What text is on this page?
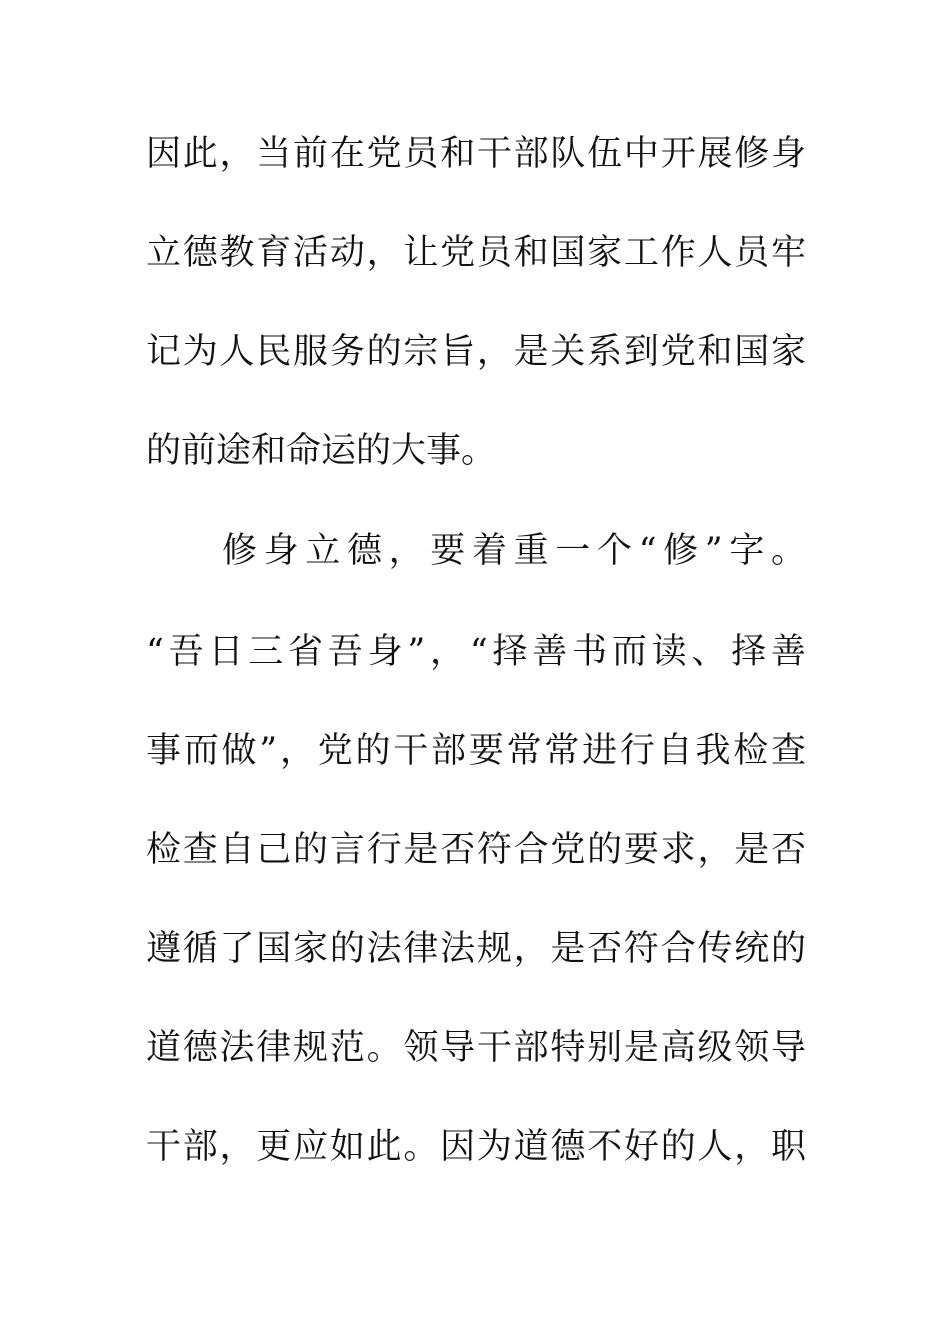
因此，当前在党员和干部队伍中开展修身
立德教育活动，让党员和国家工作人员牢
记为人民服务的宗旨，是关系到党和国家
的前途和命运的大事。
修身立德，要着重一个“修”字。
“吾日三省吾身”，“择善书而读、择善
事而做”，党的干部要常常进行自我检查
检查自己的言行是否符合党的要求，是否
遵循了国家的法律法规，是否符合传统的
道德法律规范。领导干部特别是高级领导
干部，更应如此。因为道德不好的人，职
